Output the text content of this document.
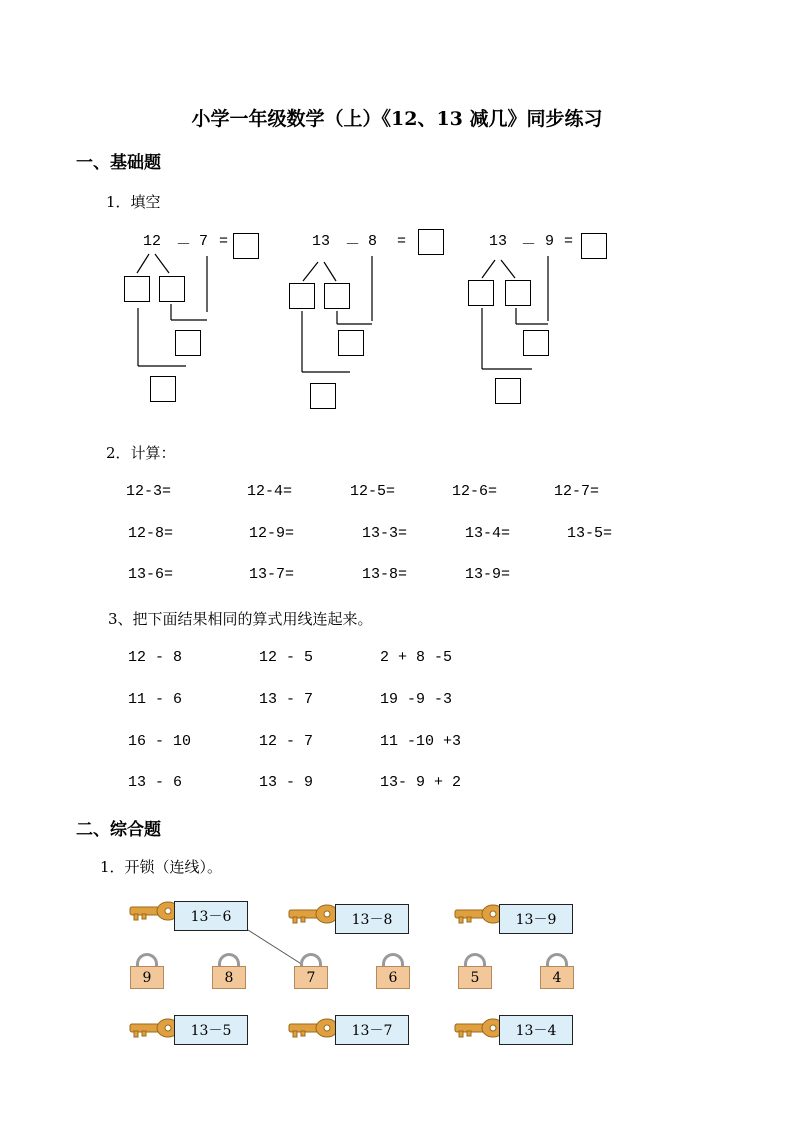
小学一年级数学（上）《12、13 减几》同步练习
一、基础题
1．填空
12 － 7 =	13 － 8 =	13 － 9 =
2．计算：
12-3=	12-4=	12-5=	12-6=	12-7=
12-8=	12-9=	13-3=	13-4=	13-5=
13-6=	13-7=	13-8=	13-9=
3、把下面结果相同的算式用线连起来。
12 - 8	12 - 5	2 + 8 -5
11 - 6	13 - 7	19 -9 -3
16 - 10	12 - 7	11 -10 +3
13 - 6	13 - 9	13- 9 + 2
二、综合题
1．开锁（连线）。
13－6	13－8	13－9
9	8	7	6	5	4
13－5	13－7	13－4
